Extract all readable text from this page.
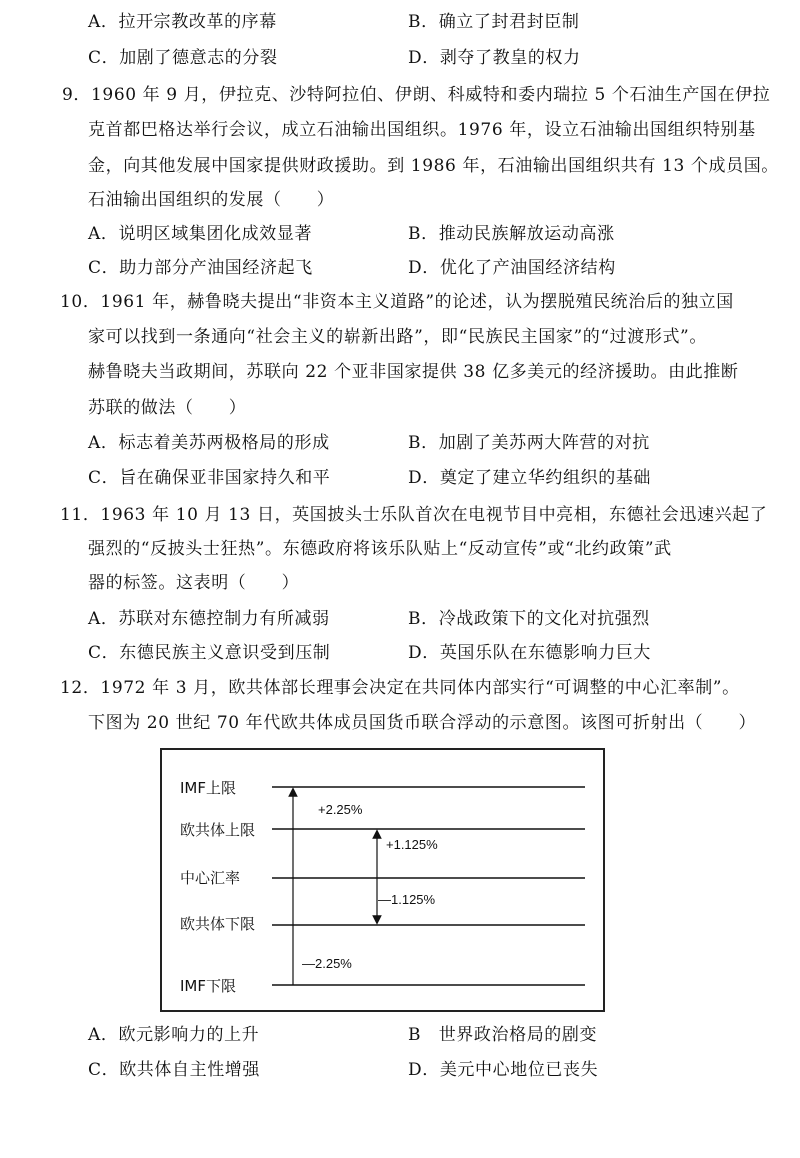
A．拉开宗教改革的序幕	B．确立了封君封臣制
C．加剧了德意志的分裂	D．剥夺了教皇的权力
9．1960 年 9 月，伊拉克、沙特阿拉伯、伊朗、科威特和委内瑞拉 5 个石油生产国在伊拉
克首都巴格达举行会议，成立石油输出国组织。1976 年，设立石油输出国组织特别基
金，向其他发展中国家提供财政援助。到 1986 年，石油输出国组织共有 13 个成员国。
石油输出国组织的发展（　　）
A．说明区域集团化成效显著	B．推动民族解放运动高涨
C．助力部分产油国经济起飞	D．优化了产油国经济结构
10．1961 年，赫鲁晓夫提出“非资本主义道路”的论述，认为摆脱殖民统治后的独立国
家可以找到一条通向“社会主义的崭新出路”，即“民族民主国家”的“过渡形式”。
赫鲁晓夫当政期间，苏联向 22 个亚非国家提供 38 亿多美元的经济援助。由此推断
苏联的做法（　　）
A．标志着美苏两极格局的形成	B．加剧了美苏两大阵营的对抗
C．旨在确保亚非国家持久和平	D．奠定了建立华约组织的基础
11．1963 年 10 月 13 日，英国披头士乐队首次在电视节目中亮相，东德社会迅速兴起了
强烈的“反披头士狂热”。东德政府将该乐队贴上“反动宣传”或“北约政策”武
器的标签。这表明（　　）
A．苏联对东德控制力有所减弱	B．冷战政策下的文化对抗强烈
C．东德民族主义意识受到压制	D．英国乐队在东德影响力巨大
12．1972 年 3 月，欧共体部长理事会决定在共同体内部实行“可调整的中心汇率制”。
下图为 20 世纪 70 年代欧共体成员国货币联合浮动的示意图。该图可折射出（　　）
IMF上限
欧共体上限
中心汇率
欧共体下限
IMF下限
+2.25%
+1.125%
—1.125%
—2.25%
A．欧元影响力的上升	B　世界政治格局的剧变
C．欧共体自主性增强	D．美元中心地位已丧失
